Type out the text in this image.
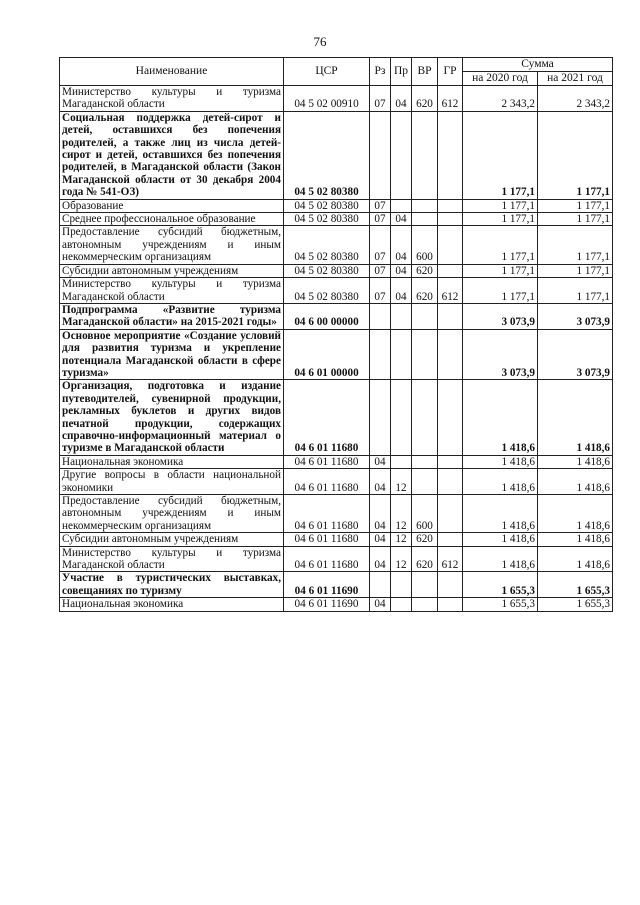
76
Наименование	ЦСР	Рз	Пр	ВР	ГР	Сумма	
						на 2020 год	на 2021 год
Министерство культуры и туризма Магаданской области	04 5 02 00910	07	04	620	612	2 343,2	2 343,2
Социальная поддержка детей-сирот и детей, оставшихся без попечения родителей, а также лиц из числа детей-сирот и детей, оставшихся без попечения родителей, в Магаданской области (Закон Магаданской области от 30 декабря 2004 года № 541-ОЗ)	04 5 02 80380					1 177,1	1 177,1
Образование	04 5 02 80380	07				1 177,1	1 177,1
Среднее профессиональное образование	04 5 02 80380	07	04			1 177,1	1 177,1
Предоставление субсидий бюджетным, автономным учреждениям и иным некоммерческим организациям	04 5 02 80380	07	04	600		1 177,1	1 177,1
Субсидии автономным учреждениям	04 5 02 80380	07	04	620		1 177,1	1 177,1
Министерство культуры и туризма Магаданской области	04 5 02 80380	07	04	620	612	1 177,1	1 177,1
Подпрограмма «Развитие туризма Магаданской области» на 2015-2021 годы»	04 6 00 00000					3 073,9	3 073,9
Основное мероприятие «Создание условий для развития туризма и укрепление потенциала Магаданской области в сфере туризма»	04 6 01 00000					3 073,9	3 073,9
Организация, подготовка и издание путеводителей, сувенирной продукции, рекламных буклетов и других видов печатной продукции, содержащих справочно-информационный материал о туризме в Магаданской области	04 6 01 11680					1 418,6	1 418,6
Национальная экономика	04 6 01 11680	04				1 418,6	1 418,6
Другие вопросы в области национальной экономики	04 6 01 11680	04	12			1 418,6	1 418,6
Предоставление субсидий бюджетным, автономным учреждениям и иным некоммерческим организациям	04 6 01 11680	04	12	600		1 418,6	1 418,6
Субсидии автономным учреждениям	04 6 01 11680	04	12	620		1 418,6	1 418,6
Министерство культуры и туризма Магаданской области	04 6 01 11680	04	12	620	612	1 418,6	1 418,6
Участие в туристических выставках, совещаниях по туризму	04 6 01 11690					1 655,3	1 655,3
Национальная экономика	04 6 01 11690	04				1 655,3	1 655,3
